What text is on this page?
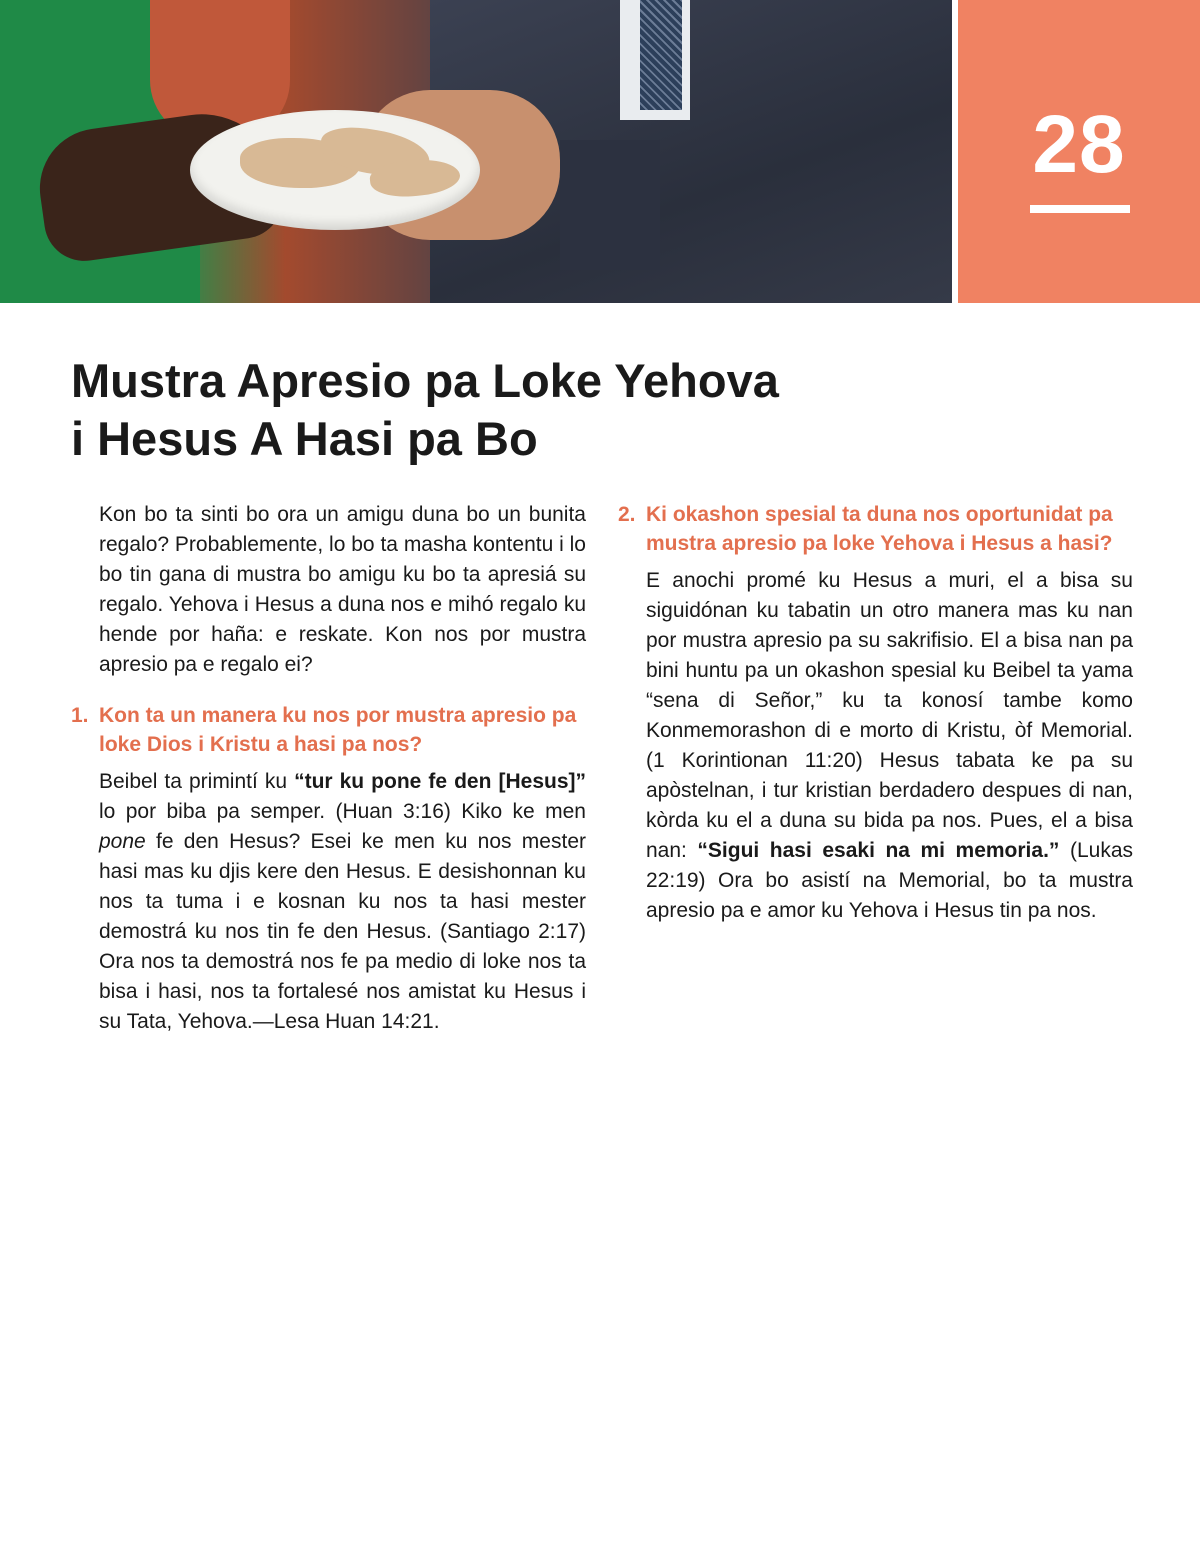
28
Mustra Apresio pa Loke Yehova
i Hesus A Hasi pa Bo

Kon bo ta sinti bo ora un amigu duna bo un bunita regalo? Probablemente, lo bo ta masha kontentu i lo bo tin gana di mustra bo amigu ku bo ta apresiá su regalo. Yehova i Hesus a duna nos e mihó regalo ku hende por haña: e reskate. Kon nos por mustra apresio pa e regalo ei?

1. Kon ta un manera ku nos por mustra apresio pa loke Dios i Kristu a hasi pa nos?

Beibel ta primintí ku “tur ku pone fe den [Hesus]” lo por biba pa semper. (Huan 3:16) Kiko ke men pone fe den Hesus? Esei ke men ku nos mester hasi mas ku djis kere den Hesus. E desishonnan ku nos ta tuma i e kosnan ku nos ta hasi mester demostrá ku nos tin fe den Hesus. (Santiago 2:17) Ora nos ta demostrá nos fe pa medio di loke nos ta bisa i hasi, nos ta fortalesé nos amistat ku Hesus i su Tata, Yehova.—Lesa Huan 14:21.

2. Ki okashon spesial ta duna nos oportunidat pa mustra apresio pa loke Yehova i Hesus a hasi?

E anochi promé ku Hesus a muri, el a bisa su siguidónan ku tabatin un otro manera mas ku nan por mustra apresio pa su sakrifisio. El a bisa nan pa bini huntu pa un okashon spesial ku Beibel ta yama “sena di Señor,” ku ta konosí tambe komo Konmemorashon di e morto di Kristu, òf Memorial. (1 Korintionan 11:20) Hesus tabata ke pa su apòstelnan, i tur kristian berdadero despues di nan, kòrda ku el a duna su bida pa nos. Pues, el a bisa nan: “Sigui hasi esaki na mi memoria.” (Lukas 22:19) Ora bo asistí na Memorial, bo ta mustra apresio pa e amor ku Yehova i Hesus tin pa nos.
